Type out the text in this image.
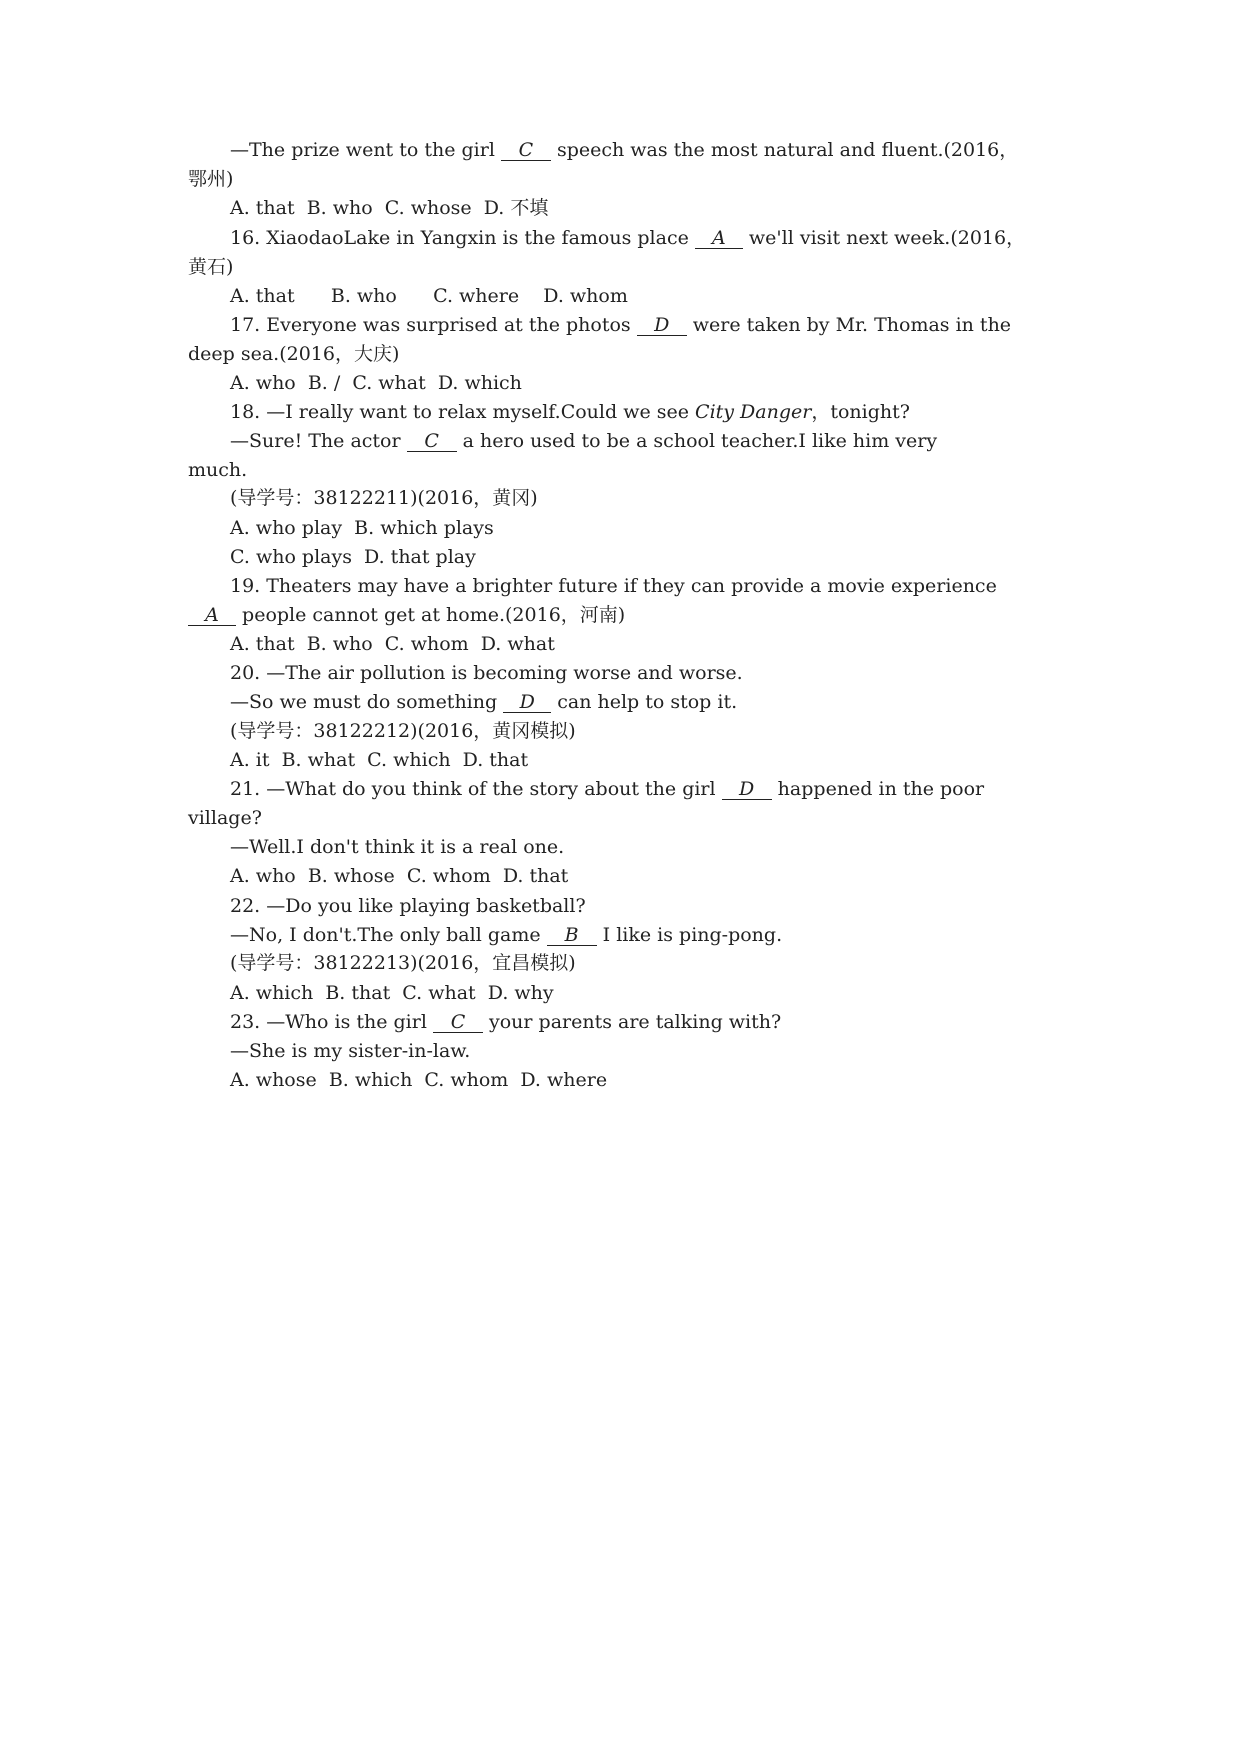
—The prize went to the girl C speech was the most natural and fluent.(2016，
鄂州)
A. that  B. who  C. whose  D. 不填
16. XiaodaoLake in Yangxin is the famous place A we'll visit next week.(2016，
黄石)
A. that      B. who      C. where    D. whom
17. Everyone was surprised at the photos D were taken by Mr. Thomas in the
deep sea.(2016，大庆)
A. who  B. /  C. what  D. which
18. —I really want to relax myself.Could we see City Danger，tonight?
—Sure! The actor C a hero used to be a school teacher.I like him very
much.
(导学号：38122211)(2016，黄冈)
A. who play  B. which plays
C. who plays  D. that play
19. Theaters may have a brighter future if they can provide a movie experience
A people cannot get at home.(2016，河南)
A. that  B. who  C. whom  D. what
20. —The air pollution is becoming worse and worse.
—So we must do something D can help to stop it.
(导学号：38122212)(2016，黄冈模拟)
A. it  B. what  C. which  D. that
21. —What do you think of the story about the girl D happened in the poor
village?
—Well.I don't think it is a real one.
A. who  B. whose  C. whom  D. that
22. —Do you like playing basketball?
—No, I don't.The only ball game B I like is ping-pong.
(导学号：38122213)(2016，宜昌模拟)
A. which  B. that  C. what  D. why
23. —Who is the girl C your parents are talking with?
—She is my sister-in-law.
A. whose  B. which  C. whom  D. where
